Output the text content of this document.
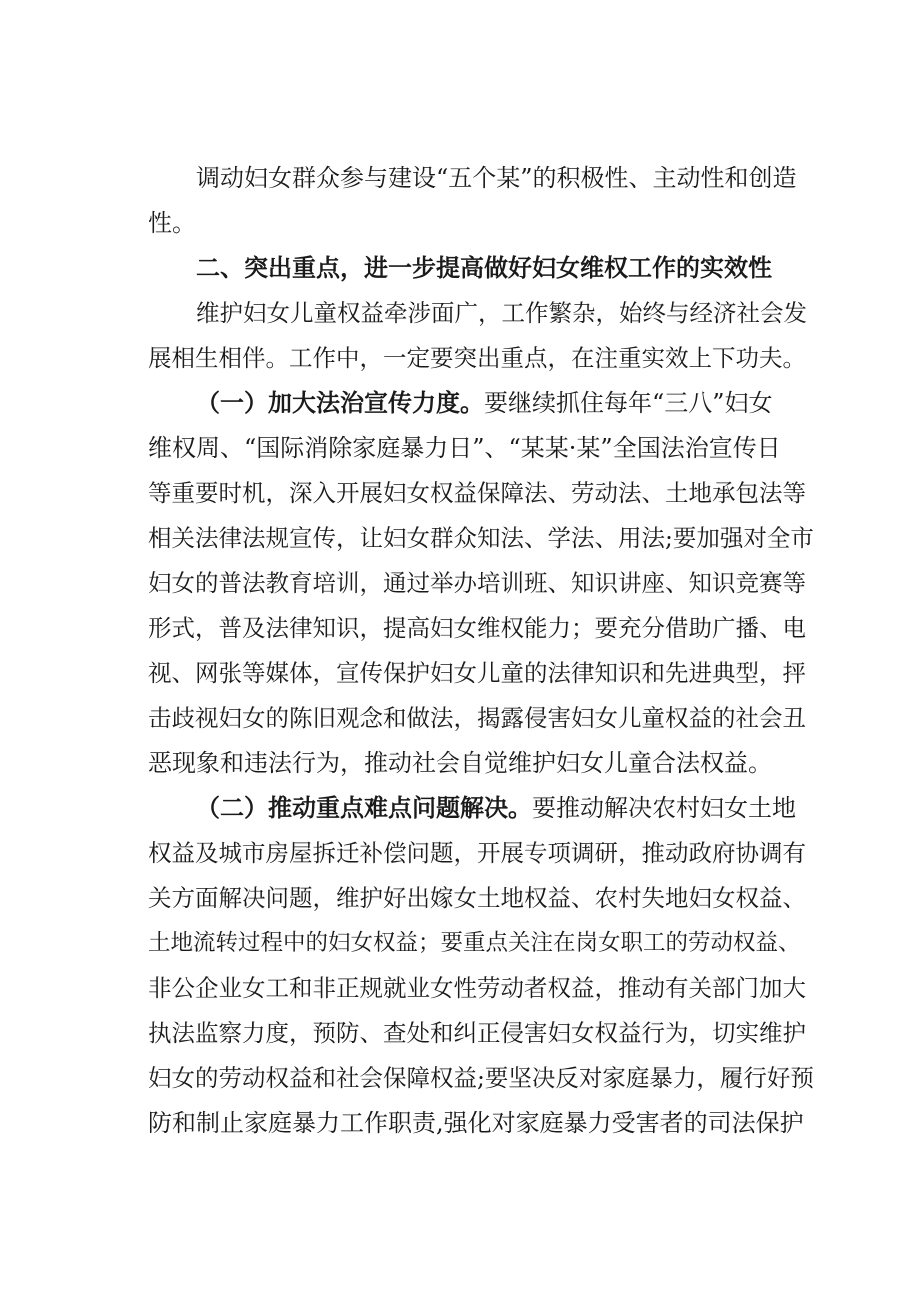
调动妇女群众参与建设“五个某”的积极性、主动性和创造
性。
二、突出重点，进一步提高做好妇女维权工作的实效性
维护妇女儿童权益牵涉面广，工作繁杂，始终与经济社会发
展相生相伴。工作中，一定要突出重点，在注重实效上下功夫。
（一）加大法治宣传力度。要继续抓住每年“三八”妇女
维权周、“国际消除家庭暴力日”、“某某·某”全国法治宣传日
等重要时机，深入开展妇女权益保障法、劳动法、土地承包法等
相关法律法规宣传，让妇女群众知法、学法、用法;要加强对全市
妇女的普法教育培训，通过举办培训班、知识讲座、知识竞赛等
形式，普及法律知识，提高妇女维权能力；要充分借助广播、电
视、网张等媒体，宣传保护妇女儿童的法律知识和先进典型，抨
击歧视妇女的陈旧观念和做法，揭露侵害妇女儿童权益的社会丑
恶现象和违法行为，推动社会自觉维护妇女儿童合法权益。
（二）推动重点难点问题解决。要推动解决农村妇女土地
权益及城市房屋拆迁补偿问题，开展专项调研，推动政府协调有
关方面解决问题，维护好出嫁女土地权益、农村失地妇女权益、
土地流转过程中的妇女权益；要重点关注在岗女职工的劳动权益、
非公企业女工和非正规就业女性劳动者权益，推动有关部门加大
执法监察力度，预防、查处和纠正侵害妇女权益行为，切实维护
妇女的劳动权益和社会保障权益;要坚决反对家庭暴力，履行好预
防和制止家庭暴力工作职责,强化对家庭暴力受害者的司法保护
